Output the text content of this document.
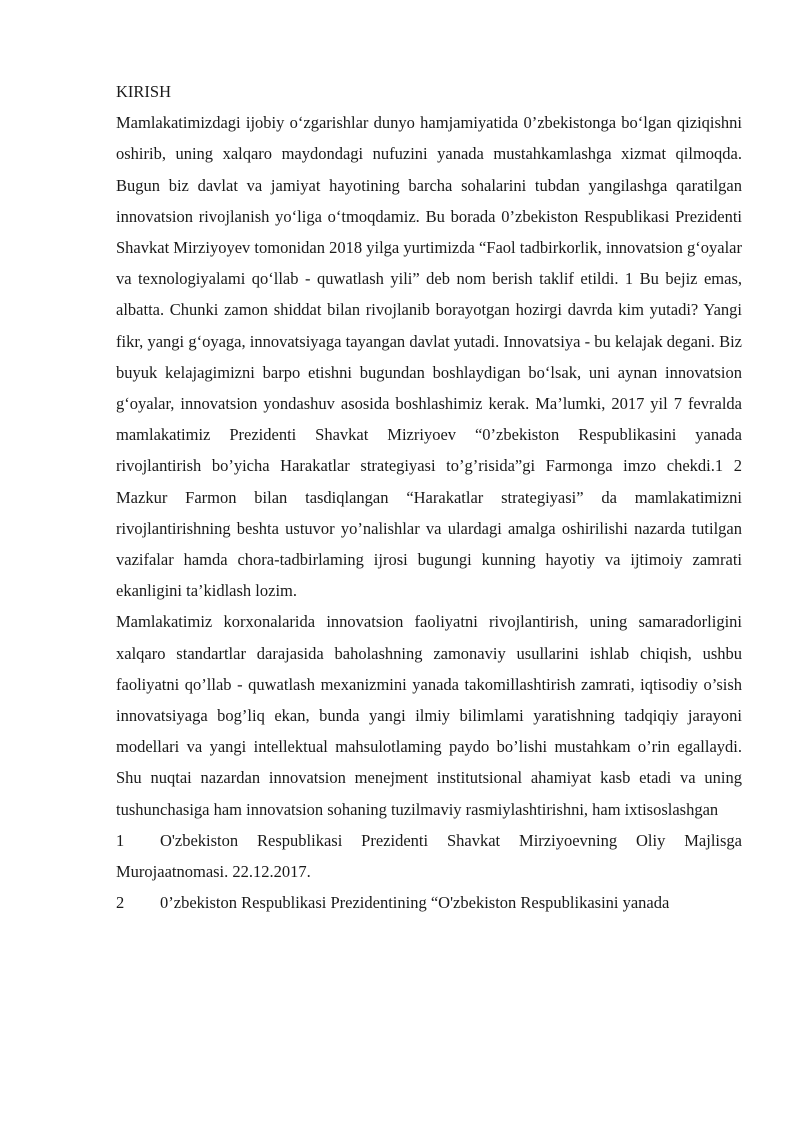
KIRISH

Mamlakatimizdagi ijobiy o‘zgarishlar dunyo hamjamiyatida 0’zbekistonga bo‘lgan qiziqishni oshirib, uning xalqaro maydondagi nufuzini yanada mustahkamlashga xizmat qilmoqda. Bugun biz davlat va jamiyat hayotining barcha sohalarini tubdan yangilashga qaratilgan innovatsion rivojlanish yo‘liga o‘tmoqdamiz. Bu borada 0’zbekiston Respublikasi Prezidenti Shavkat Mirziyoyev tomonidan 2018 yilga yurtimizda “Faol tadbirkorlik, innovatsion g‘oyalar va texnologiyalami qo‘llab - quwatlash yili” deb nom berish taklif etildi. 1 Bu bejiz emas, albatta. Chunki zamon shiddat bilan rivojlanib borayotgan hozirgi davrda kim yutadi? Yangi fikr, yangi g‘oyaga, innovatsiyaga tayangan davlat yutadi. Innovatsiya - bu kelajak degani. Biz buyuk kelajagimizni barpo etishni bugundan boshlaydigan bo‘lsak, uni aynan innovatsion g‘oyalar, innovatsion yondashuv asosida boshlashimiz kerak. Ma’lumki, 2017 yil 7 fevralda mamlakatimiz Prezidenti Shavkat Mizriyoev “0’zbekiston Respublikasini yanada rivojlantirish bo’yicha Harakatlar strategiyasi to’g’risida”gi Farmonga imzo chekdi.1 2 Mazkur Farmon bilan tasdiqlangan “Harakatlar strategiyasi” da mamlakatimizni rivojlantirishning beshta ustuvor yo’nalishlar va ulardagi amalga oshirilishi nazarda tutilgan vazifalar hamda chora-tadbirlaming ijrosi bugungi kunning hayotiy va ijtimoiy zamrati ekanligini ta’kidlash lozim.

Mamlakatimiz korxonalarida innovatsion faoliyatni rivojlantirish, uning samaradorligini xalqaro standartlar darajasida baholashning zamonaviy usullarini ishlab chiqish, ushbu faoliyatni qo’llab - quwatlash mexanizmini yanada takomillashtirish zamrati, iqtisodiy o’sish innovatsiyaga bog’liq ekan, bunda yangi ilmiy bilimlami yaratishning tadqiqiy jarayoni modellari va yangi intellektual mahsulotlaming paydo bo’lishi mustahkam o’rin egallaydi. Shu nuqtai nazardan innovatsion menejment institutsional ahamiyat kasb etadi va uning tushunchasiga ham innovatsion sohaning tuzilmaviy rasmiylashtirishni, ham ixtisoslashgan

1 O'zbekiston Respublikasi Prezidenti Shavkat Mirziyoevning Oliy Majlisga Murojaatnomasi. 22.12.2017.

2 0’zbekiston Respublikasi Prezidentining “O'zbekiston Respublikasini yanada
